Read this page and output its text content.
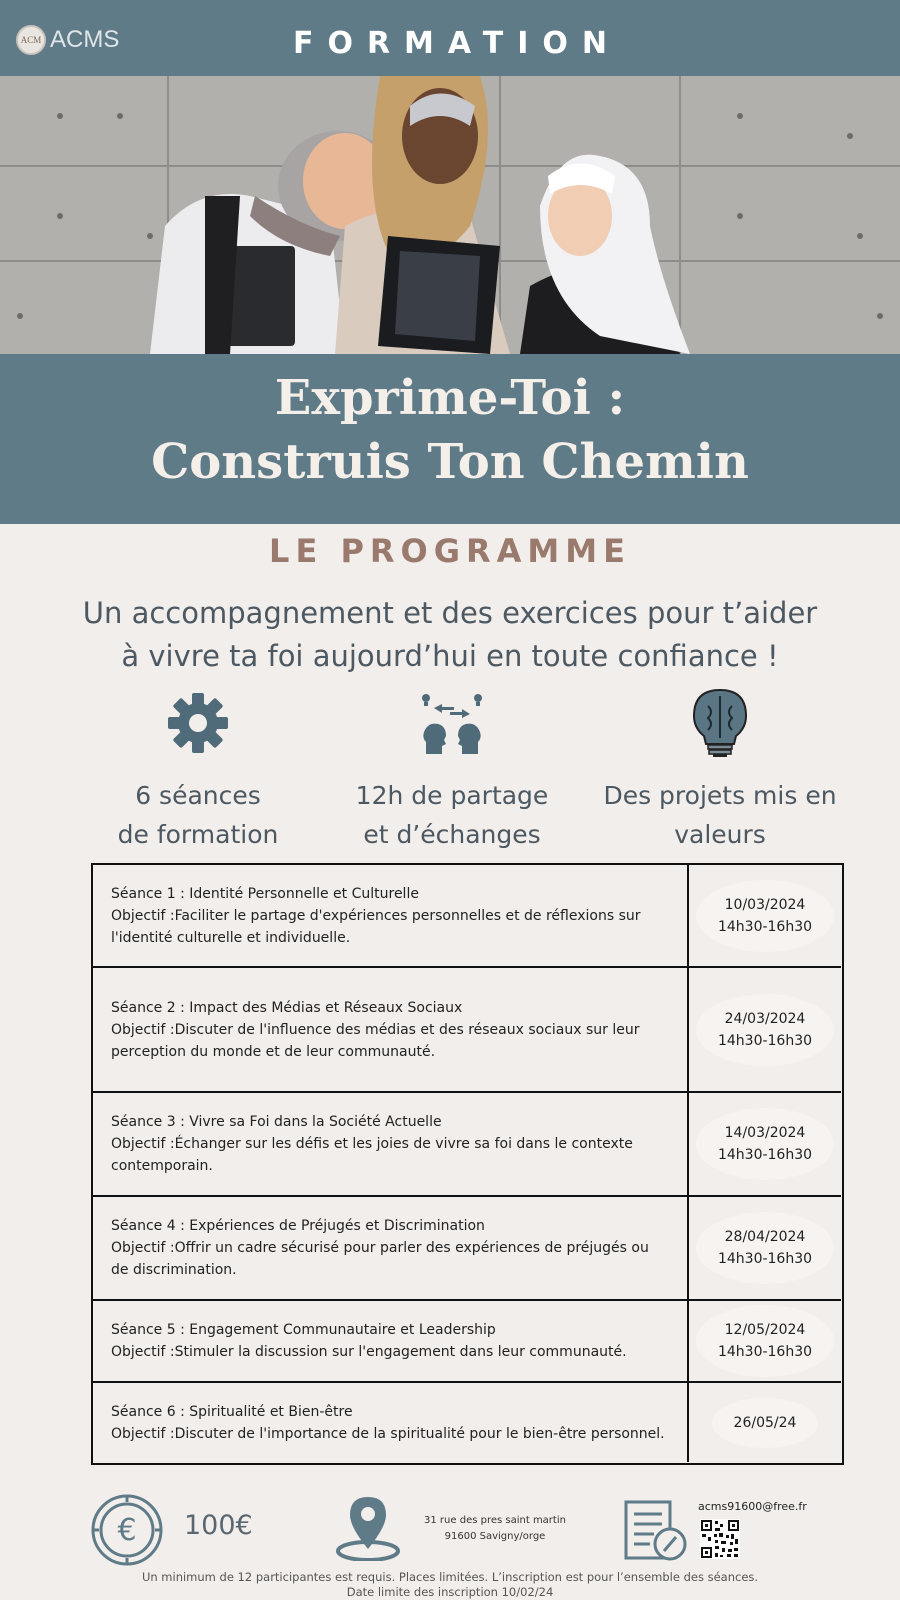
ACM ACMS	FORMATION
Exprime-Toi :
Construis Ton Chemin
LE PROGRAMME
Un accompagnement et des exercices pour t’aider
à vivre ta foi aujourd’hui en toute confiance !
6 séances
de formation
12h de partage
et d’échanges
Des projets mis en
valeurs
Séance 1 : Identité Personnelle et Culturelle
Objectif :Faciliter le partage d'expériences personnelles et de réflexions sur l'identité culturelle et individuelle.
10/03/2024
14h30-16h30
Séance 2 : Impact des Médias et Réseaux Sociaux
Objectif :Discuter de l'influence des médias et des réseaux sociaux sur leur perception du monde et de leur communauté.
24/03/2024
14h30-16h30
Séance 3 : Vivre sa Foi dans la Société Actuelle
Objectif :Échanger sur les défis et les joies de vivre sa foi dans le contexte contemporain.
14/03/2024
14h30-16h30
Séance 4 : Expériences de Préjugés et Discrimination
Objectif :Offrir un cadre sécurisé pour parler des expériences de préjugés ou de discrimination.
28/04/2024
14h30-16h30
Séance 5 : Engagement Communautaire et Leadership
Objectif :Stimuler la discussion sur l'engagement dans leur communauté.
12/05/2024
14h30-16h30
Séance 6 : Spiritualité et Bien-être
Objectif :Discuter de l'importance de la spiritualité pour le bien-être personnel.
26/05/24
€ 100€	31 rue des pres saint martin
91600 Savigny/orge
acms91600@free.fr
Un minimum de 12 participantes est requis. Places limitées. L’inscription est pour l’ensemble des séances.
Date limite des inscription 10/02/24
